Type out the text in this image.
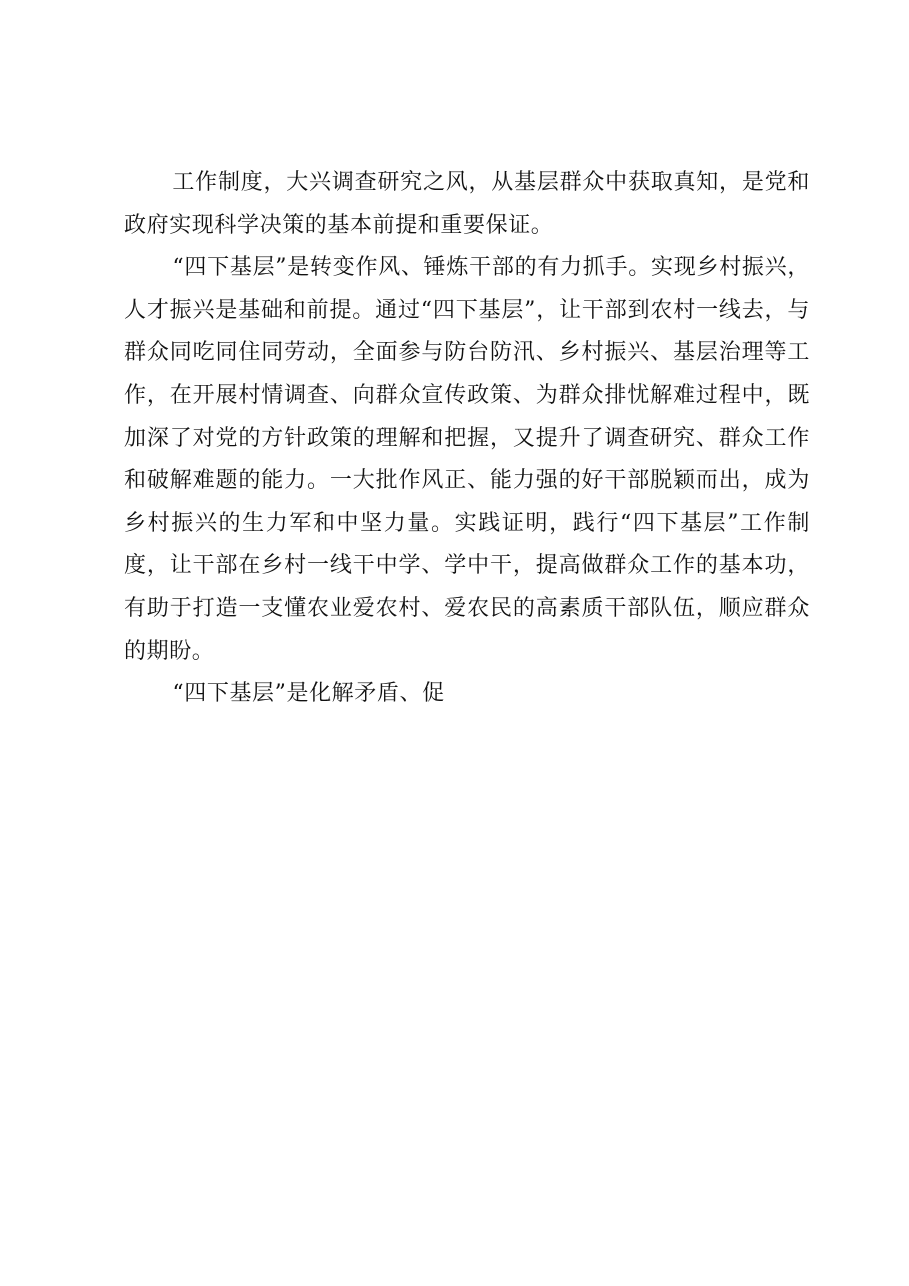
工作制度，大兴调查研究之风，从基层群众中获取真知，是党和政府实现科学决策的基本前提和重要保证。

“四下基层”是转变作风、锤炼干部的有力抓手。实现乡村振兴，人才振兴是基础和前提。通过“四下基层”，让干部到农村一线去，与群众同吃同住同劳动，全面参与防台防汛、乡村振兴、基层治理等工作，在开展村情调查、向群众宣传政策、为群众排忧解难过程中，既加深了对党的方针政策的理解和把握，又提升了调查研究、群众工作和破解难题的能力。一大批作风正、能力强的好干部脱颖而出，成为乡村振兴的生力军和中坚力量。实践证明，践行“四下基层”工作制度，让干部在乡村一线干中学、学中干，提高做群众工作的基本功，有助于打造一支懂农业爱农村、爱农民的高素质干部队伍，顺应群众的期盼。

“四下基层”是化解矛盾、促
